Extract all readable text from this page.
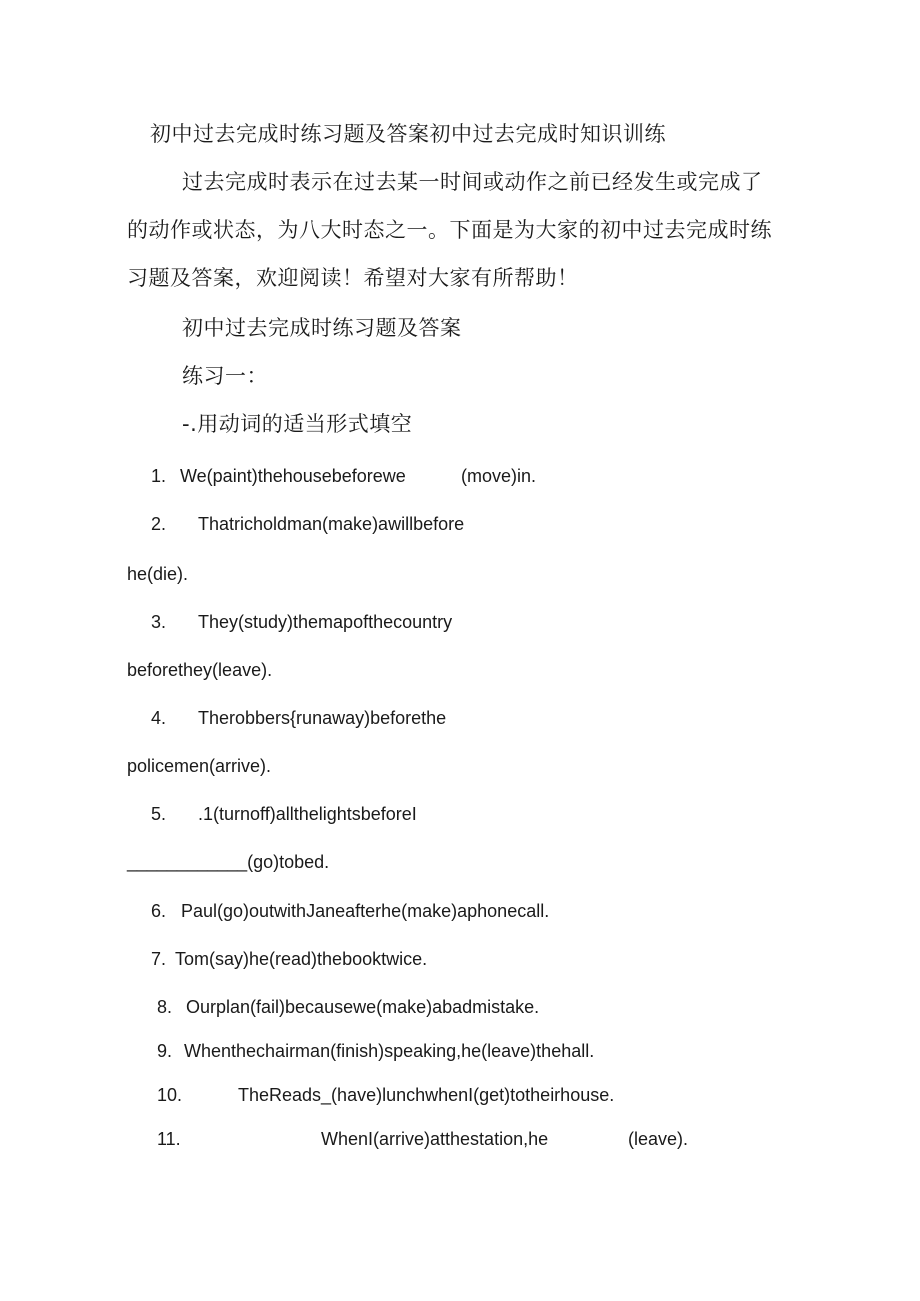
初中过去完成时练习题及答案初中过去完成时知识训练
过去完成时表示在过去某一时间或动作之前已经发生或完成了
的动作或状态，为八大时态之一。下面是为大家的初中过去完成时练
习题及答案，欢迎阅读！希望对大家有所帮助！
初中过去完成时练习题及答案
练习一：
-.用动词的适当形式填空
1. We(paint)thehousebeforewe	(move)in.
2. Thatricholdman(make)awillbefore
he(die).
3. They(study)themapofthecountry
beforethey(leave).
4. Therobbers{runaway)beforethe
policemen(arrive).
5. .1(turnoff)allthelightsbeforeI
____________(go)tobed.
6. Paul(go)outwithJaneafterhe(make)aphonecall.
7. Tom(say)he(read)thebooktwice.
8. Ourplan(fail)becausewe(make)abadmistake.
9. Whenthechairman(finish)speaking,he(leave)thehall.
10.	TheReads_(have)lunchwhenI(get)totheirhouse.
11.	WhenI(arrive)atthestation,he	(leave).
